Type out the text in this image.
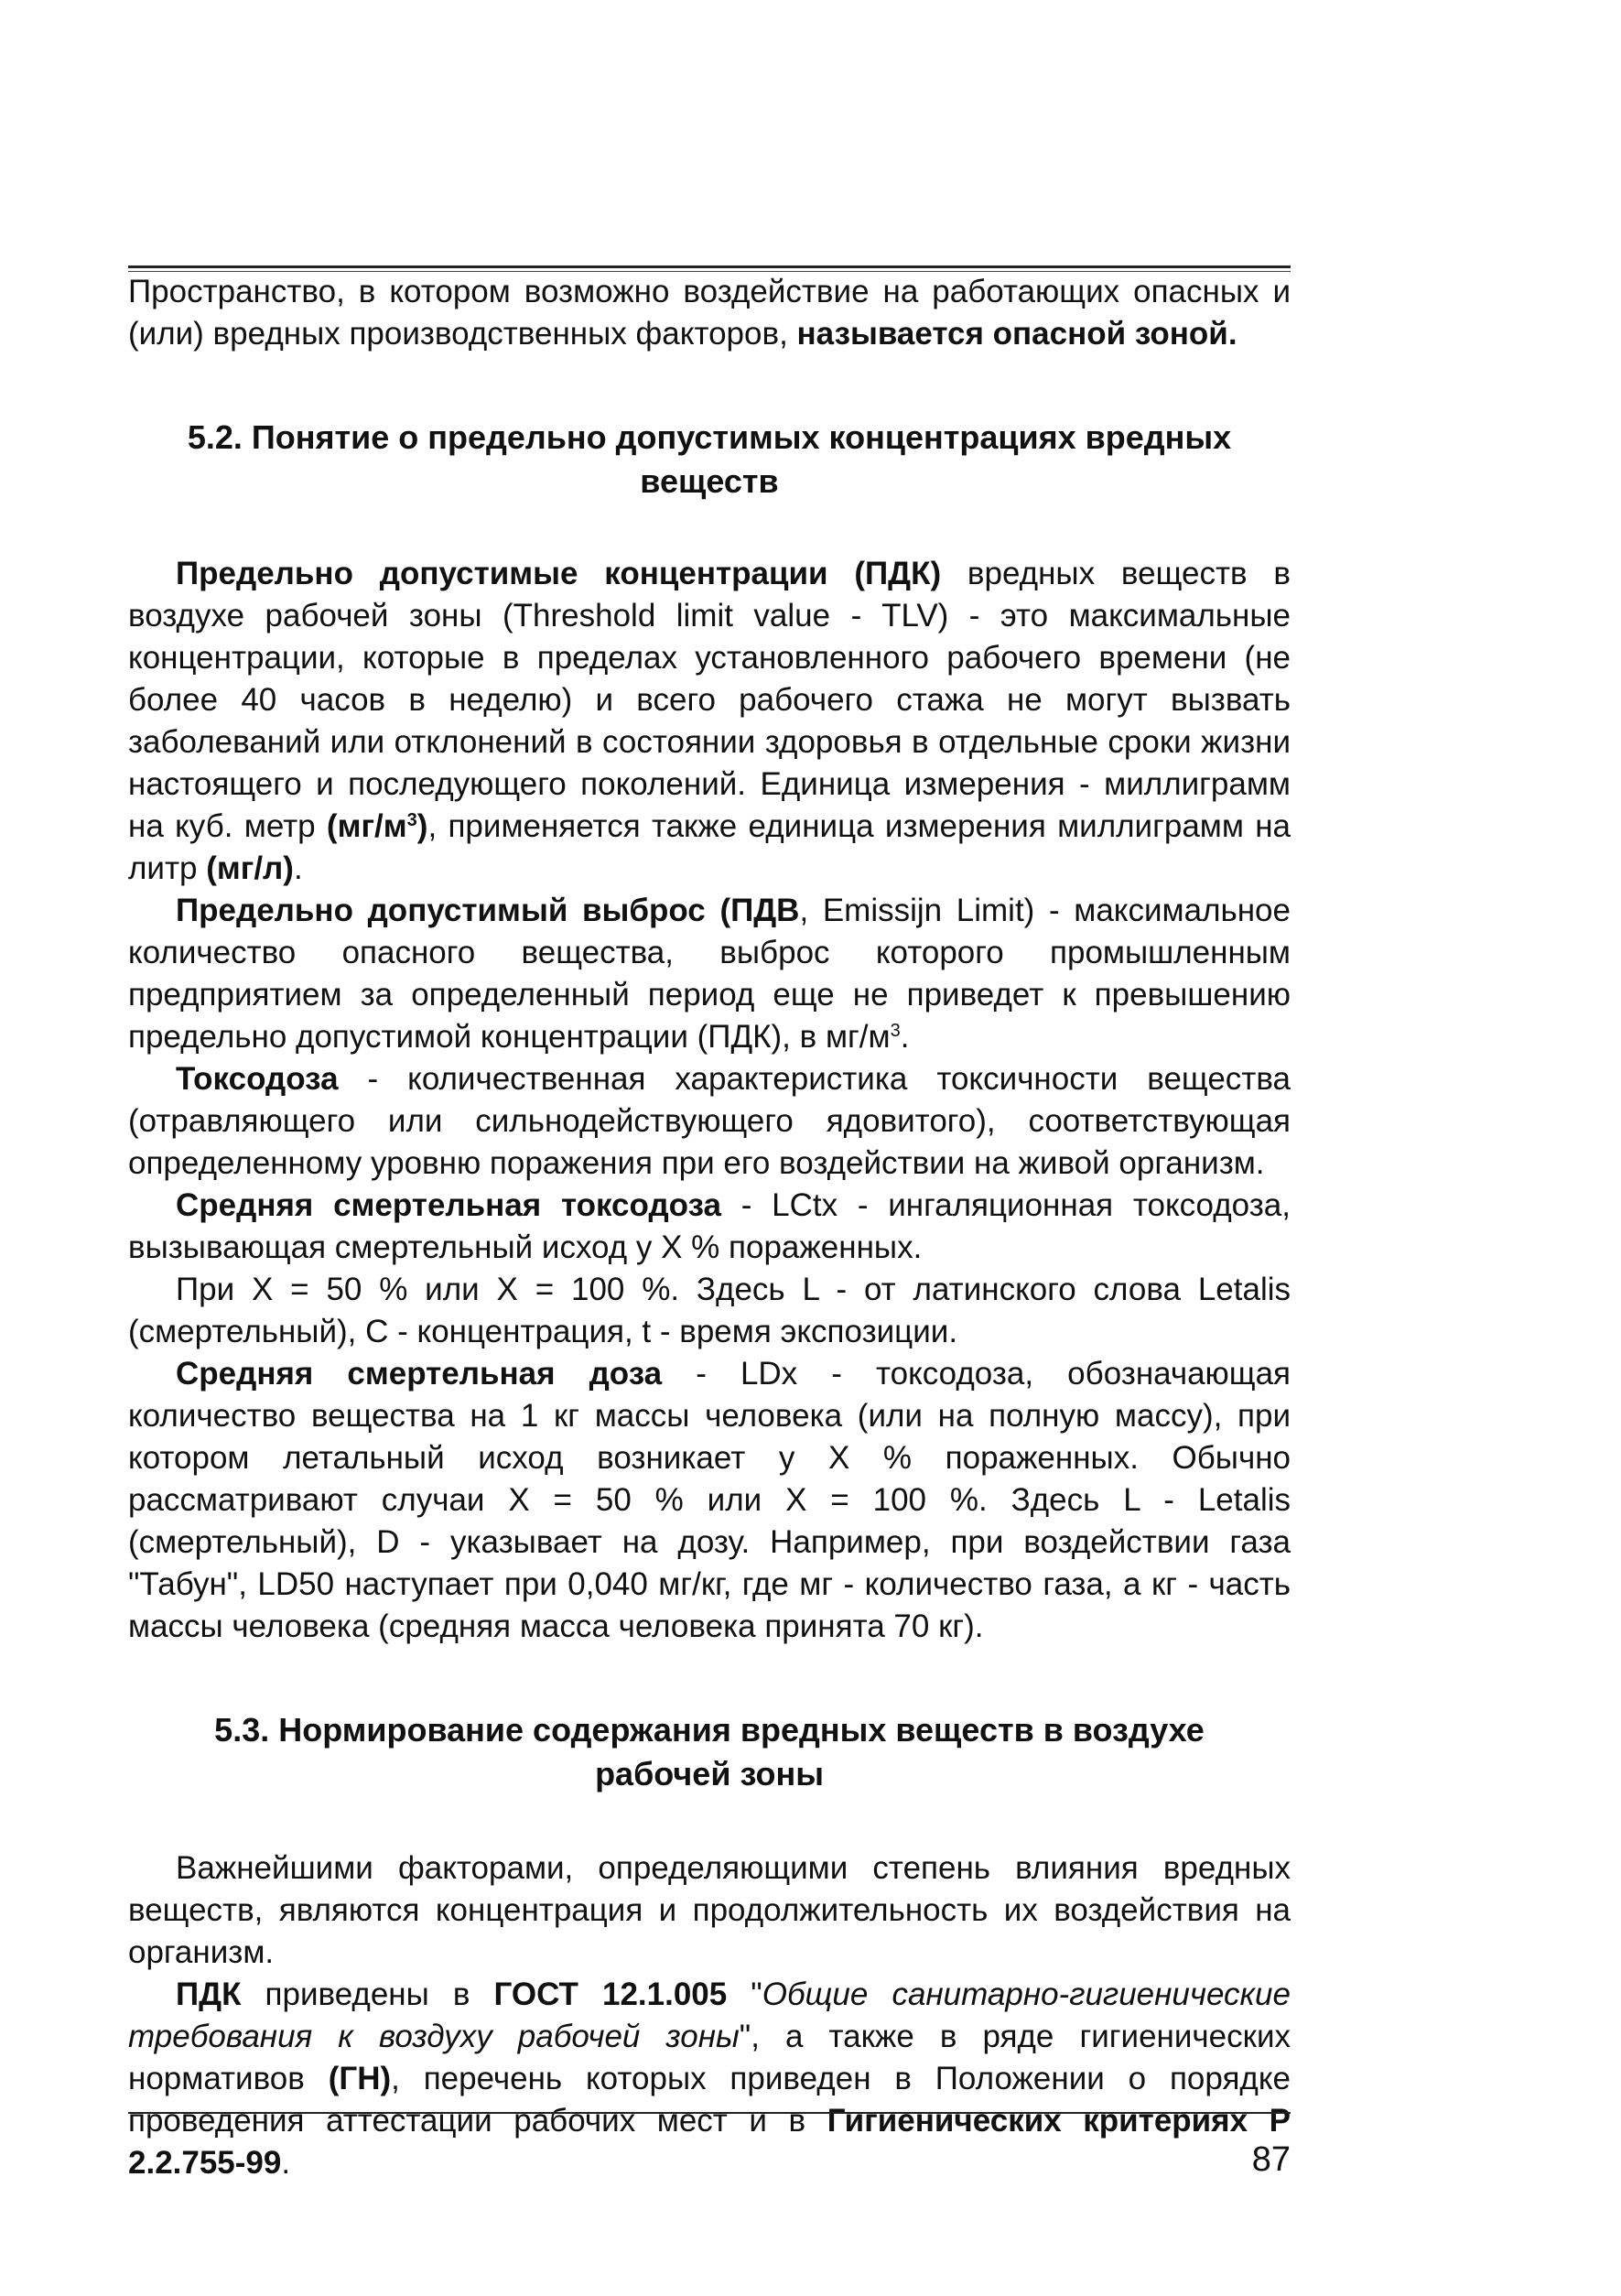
Пространство, в котором возможно воздействие на работающих опасных и (или) вредных производственных факторов, называется опасной зоной.

5.2. Понятие о предельно допустимых концентрациях вредных веществ

Предельно допустимые концентрации (ПДК) вредных веществ в воздухе рабочей зоны (Threshold limit value - TLV) - это максимальные концентрации, которые в пределах установленного рабочего времени (не более 40 часов в неделю) и всего рабочего стажа не могут вызвать заболеваний или отклонений в состоянии здоровья в отдельные сроки жизни настоящего и последующего поколений. Единица измерения - миллиграмм на куб. метр $(мг/м^3)$, применяется также единица измерения миллиграмм на литр (мг/л).

Предельно допустимый выброс (ПДВ, Emissijn Limit) - максимальное количество опасного вещества, выброс которого промышленным предприятием за определенный период еще не приведет к превышению предельно допустимой концентрации (ПДК), в $мг/м^3$.

Токсодоза - количественная характеристика токсичности вещества (отравляющего или сильнодействующего ядовитого), соответствующая определенному уровню поражения при его воздействии на живой организм.

Средняя смертельная токсодоза - LCtx - ингаляционная токсодоза, вызывающая смертельный исход у X % пораженных.

При X = 50 % или X = 100 %. Здесь L - от латинского слова Letalis (смертельный), С - концентрация, t - время экспозиции.

Средняя смертельная доза - LDx - токсодоза, обозначающая количество вещества на 1 кг массы человека (или на полную массу), при котором летальный исход возникает у X % пораженных. Обычно рассматривают случаи X = 50 % или X = 100 %. Здесь L - Letalis (смертельный), D - указывает на дозу. Например, при воздействии газа "Табун", LD50 наступает при 0,040 мг/кг, где мг - количество газа, а кг - часть массы человека (средняя масса человека принята 70 кг).

5.3. Нормирование содержания вредных веществ в воздухе рабочей зоны

Важнейшими факторами, определяющими степень влияния вредных веществ, являются концентрация и продолжительность их воздействия на организм.

ПДК приведены в ГОСТ 12.1.005 "Общие санитарно-гигиенические требования к воздуху рабочей зоны", а также в ряде гигиенических нормативов (ГН), перечень которых приведен в Положении о порядке проведения аттестации рабочих мест и в Гигиенических критериях Р 2.2.755-99.	87
